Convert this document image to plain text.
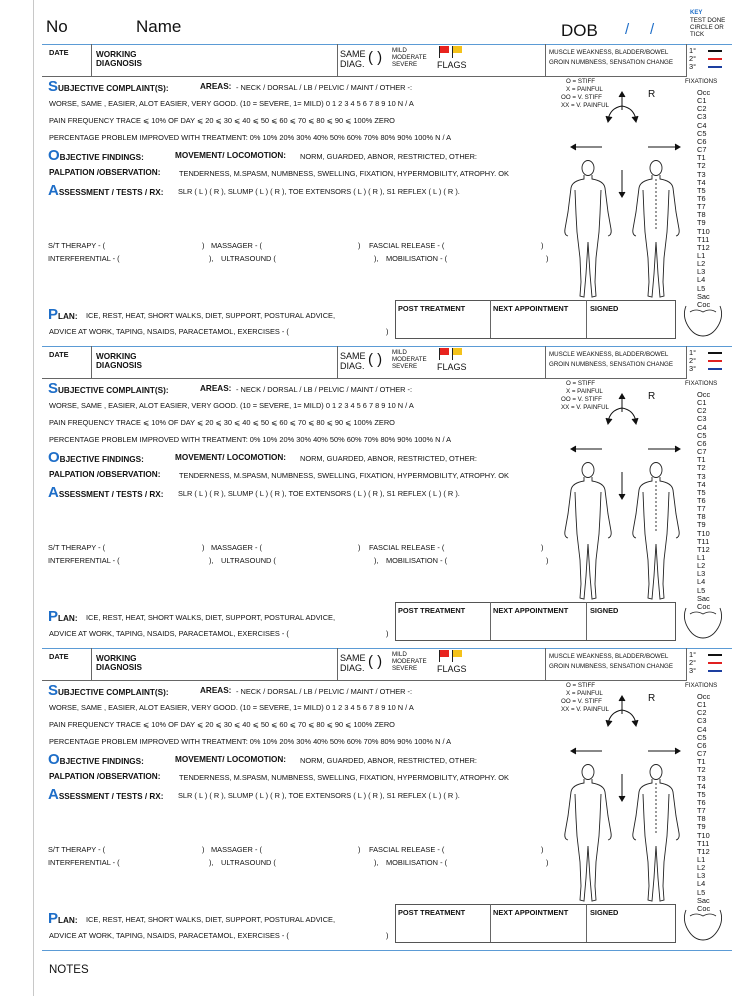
No	Name	DOB / /
KEY
TEST DONE
CIRCLE OR
TICK
DATE	WORKING
DIAGNOSIS
SAME
DIAG. ( ) MILD
MODERATE
SEVERE FLAGS
MUSCLE WEAKNESS, BLADDER/BOWEL
GROIN NUMBNESS, SENSATION CHANGE
1°
2°
3°
SUBJECTIVE COMPLAINT(S):	AREAS: - NECK / DORSAL / LB / PELVIC / MAINT / OTHER -:
WORSE, SAME , EASIER, ALOT EASIER, VERY GOOD. (10 = SEVERE, 1= MILD) 0 1 2 3 4 5 6 7 8 9 10 N / A
PAIN FREQUENCY TRACE ⩽ 10% OF DAY ⩽ 20 ⩽ 30 ⩽ 40 ⩽ 50 ⩽ 60 ⩽ 70 ⩽ 80 ⩽ 90 ⩽ 100% ZERO
PERCENTAGE PROBLEM IMPROVED WITH TREATMENT: 0% 10% 20% 30% 40% 50% 60% 70% 80% 90% 100% N / A
OBJECTIVE FINDINGS:	MOVEMENT/ LOCOMOTION: NORM, GUARDED, ABNOR, RESTRICTED, OTHER:
PALPATION /OBSERVATION:	TENDERNESS, M.SPASM, NUMBNESS, SWELLING, FIXATION, HYPERMOBILITY, ATROPHY. OK
ASSESSMENT / TESTS / RX: SLR ( L ) ( R ), SLUMP ( L ) ( R ), TOE EXTENSORS ( L ) ( R ), S1 REFLEX ( L ) ( R ).
S/T THERAPY - (	) MASSAGER - (	) FASCIAL RELEASE - (	)
INTERFERENTIAL - (	), ULTRASOUND (	), MOBILISATION - (	)
PLAN: ICE, REST, HEAT, SHORT WALKS, DIET, SUPPORT, POSTURAL ADVICE,
ADVICE AT WORK, TAPING, NSAIDS, PARACETAMOL, EXERCISES - (	)
POST TREATMENT	NEXT APPOINTMENT	SIGNED
O = STIFF
X = PAINFUL
OO = V. STIFF
XX = V. PAINFUL
R
FIXATIONS
Occ
C1
C2
C3
C4
C5
C6
C7
T1
T2
T3
T4
T5
T6
T7
T8
T9
T10
T11
T12
L1
L2
L3
L4
L5
Sac
Coc
DATE	WORKING
DIAGNOSIS
SAME
DIAG. ( ) MILD
MODERATE
SEVERE FLAGS
MUSCLE WEAKNESS, BLADDER/BOWEL
GROIN NUMBNESS, SENSATION CHANGE
1°
2°
3°
SUBJECTIVE COMPLAINT(S):	AREAS: - NECK / DORSAL / LB / PELVIC / MAINT / OTHER -:
WORSE, SAME , EASIER, ALOT EASIER, VERY GOOD. (10 = SEVERE, 1= MILD) 0 1 2 3 4 5 6 7 8 9 10 N / A
PAIN FREQUENCY TRACE ⩽ 10% OF DAY ⩽ 20 ⩽ 30 ⩽ 40 ⩽ 50 ⩽ 60 ⩽ 70 ⩽ 80 ⩽ 90 ⩽ 100% ZERO
PERCENTAGE PROBLEM IMPROVED WITH TREATMENT: 0% 10% 20% 30% 40% 50% 60% 70% 80% 90% 100% N / A
OBJECTIVE FINDINGS:	MOVEMENT/ LOCOMOTION: NORM, GUARDED, ABNOR, RESTRICTED, OTHER:
PALPATION /OBSERVATION:	TENDERNESS, M.SPASM, NUMBNESS, SWELLING, FIXATION, HYPERMOBILITY, ATROPHY. OK
ASSESSMENT / TESTS / RX: SLR ( L ) ( R ), SLUMP ( L ) ( R ), TOE EXTENSORS ( L ) ( R ), S1 REFLEX ( L ) ( R ).
S/T THERAPY - (	) MASSAGER - (	) FASCIAL RELEASE - (	)
INTERFERENTIAL - (	), ULTRASOUND (	), MOBILISATION - (	)
PLAN: ICE, REST, HEAT, SHORT WALKS, DIET, SUPPORT, POSTURAL ADVICE,
ADVICE AT WORK, TAPING, NSAIDS, PARACETAMOL, EXERCISES - (	)
POST TREATMENT	NEXT APPOINTMENT	SIGNED
O = STIFF
X = PAINFUL
OO = V. STIFF
XX = V. PAINFUL
R
FIXATIONS
Occ
C1
C2
C3
C4
C5
C6
C7
T1
T2
T3
T4
T5
T6
T7
T8
T9
T10
T11
T12
L1
L2
L3
L4
L5
Sac
Coc
DATE	WORKING
DIAGNOSIS
SAME
DIAG. ( ) MILD
MODERATE
SEVERE FLAGS
MUSCLE WEAKNESS, BLADDER/BOWEL
GROIN NUMBNESS, SENSATION CHANGE
1°
2°
3°
SUBJECTIVE COMPLAINT(S):	AREAS: - NECK / DORSAL / LB / PELVIC / MAINT / OTHER -:
WORSE, SAME , EASIER, ALOT EASIER, VERY GOOD. (10 = SEVERE, 1= MILD) 0 1 2 3 4 5 6 7 8 9 10 N / A
PAIN FREQUENCY TRACE ⩽ 10% OF DAY ⩽ 20 ⩽ 30 ⩽ 40 ⩽ 50 ⩽ 60 ⩽ 70 ⩽ 80 ⩽ 90 ⩽ 100% ZERO
PERCENTAGE PROBLEM IMPROVED WITH TREATMENT: 0% 10% 20% 30% 40% 50% 60% 70% 80% 90% 100% N / A
OBJECTIVE FINDINGS:	MOVEMENT/ LOCOMOTION: NORM, GUARDED, ABNOR, RESTRICTED, OTHER:
PALPATION /OBSERVATION:	TENDERNESS, M.SPASM, NUMBNESS, SWELLING, FIXATION, HYPERMOBILITY, ATROPHY. OK
ASSESSMENT / TESTS / RX: SLR ( L ) ( R ), SLUMP ( L ) ( R ), TOE EXTENSORS ( L ) ( R ), S1 REFLEX ( L ) ( R ).
S/T THERAPY - (	) MASSAGER - (	) FASCIAL RELEASE - (	)
INTERFERENTIAL - (	), ULTRASOUND (	), MOBILISATION - (	)
PLAN: ICE, REST, HEAT, SHORT WALKS, DIET, SUPPORT, POSTURAL ADVICE,
ADVICE AT WORK, TAPING, NSAIDS, PARACETAMOL, EXERCISES - (	)
POST TREATMENT	NEXT APPOINTMENT	SIGNED
O = STIFF
X = PAINFUL
OO = V. STIFF
XX = V. PAINFUL
R
FIXATIONS
Occ
C1
C2
C3
C4
C5
C6
C7
T1
T2
T3
T4
T5
T6
T7
T8
T9
T10
T11
T12
L1
L2
L3
L4
L5
Sac
Coc
NOTES
